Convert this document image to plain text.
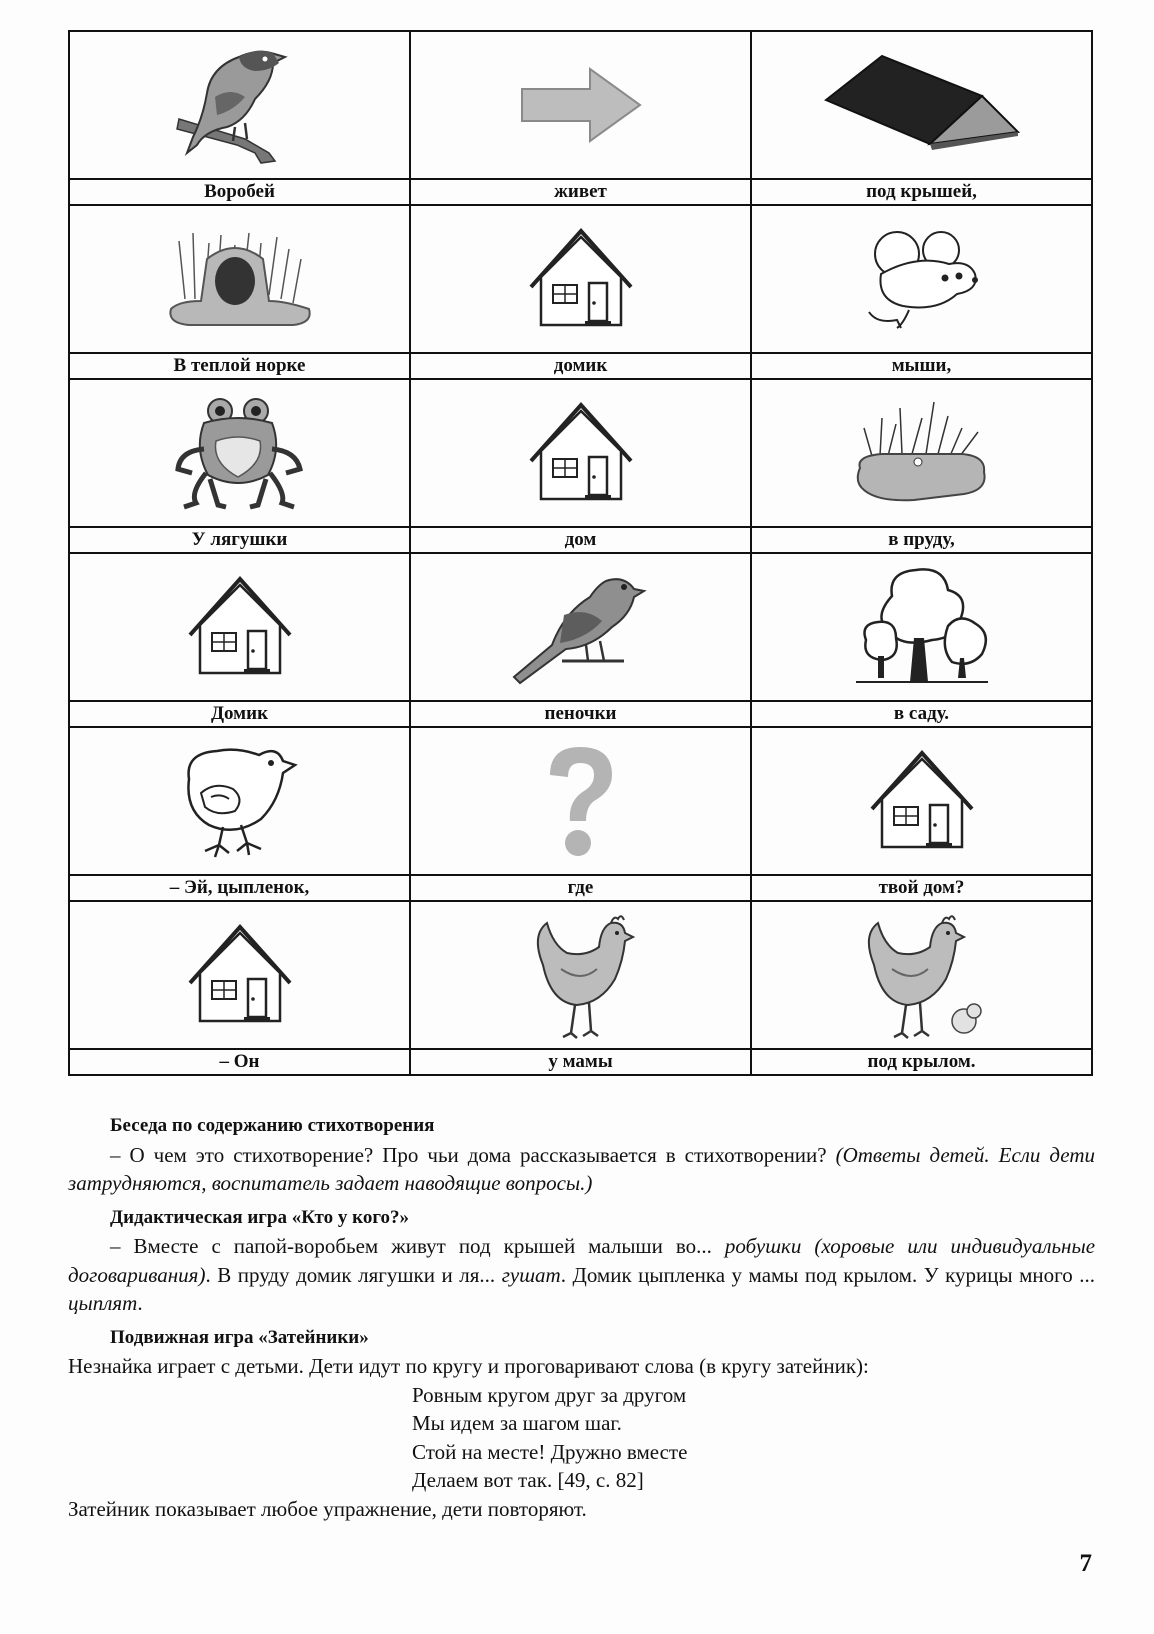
Воробей	живет	под крышей,

В теплой норке	домик	мыши,

У лягушки	дом	в пруду,

Домик	пеночки	в саду.

– Эй, цыпленок,	где	твой дом?

– Он	у мамы	под крылом.

Беседа по содержанию стихотворения

– О чем это стихотворение? Про чьи дома рассказывается в стихотворении? (Ответы детей. Если дети затрудняются, воспитатель задает наводящие вопросы.)

Дидактическая игра «Кто у кого?»

– Вместе с папой-воробьем живут под крышей малыши во... робушки (хоровые или индивидуальные договаривания). В пруду домик лягушки и ля... гушат. Домик цыпленка у мамы под крылом. У курицы много ... цыплят.

Подвижная игра «Затейники»

Незнайка играет с детьми. Дети идут по кругу и проговаривают слова (в кругу затейник):

Ровным кругом друг за другом

Мы идем за шагом шаг.

Стой на месте! Дружно вместе

Делаем вот так. [49, с. 82]

Затейник показывает любое упражнение, дети повторяют.

7
